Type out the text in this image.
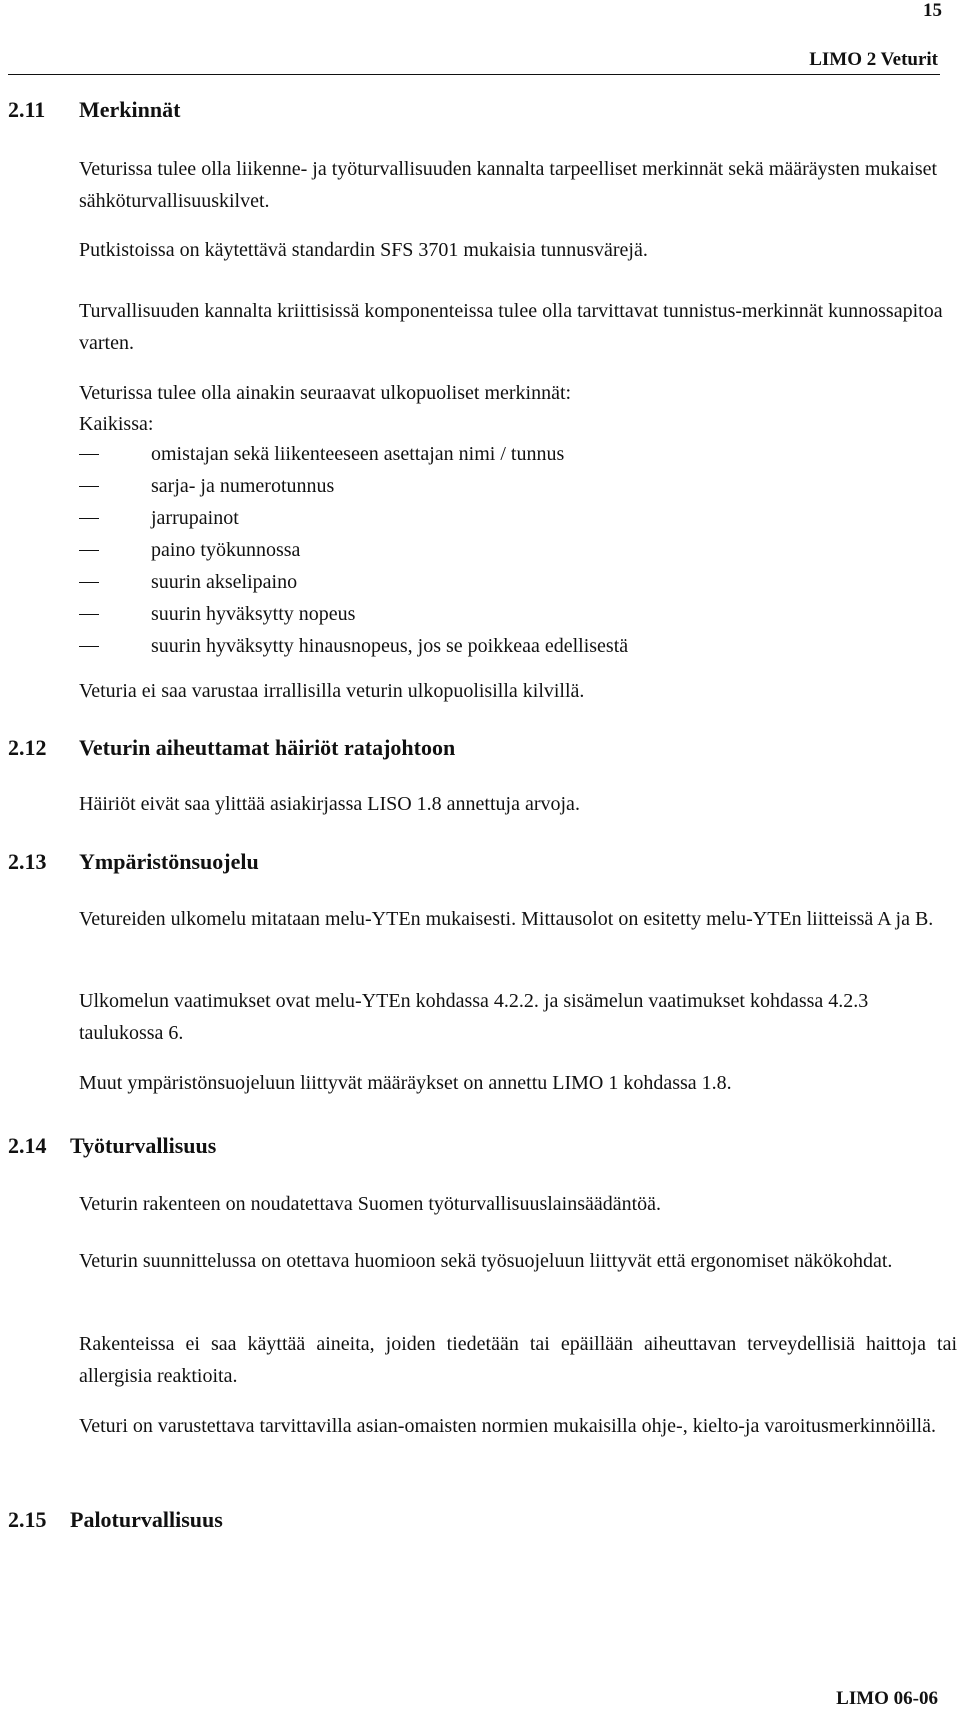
15
LIMO 2 Veturit
2.11 Merkinnät
Veturissa tulee olla liikenne- ja työturvallisuuden kannalta tarpeelliset merkinnät sekä määräysten mukaiset sähköturvallisuuskilvet.
Putkistoissa on käytettävä standardin SFS 3701 mukaisia tunnusvärejä.
Turvallisuuden kannalta kriittisissä komponenteissa tulee olla tarvittavat tunnistus-merkinnät kunnossapitoa varten.
Veturissa tulee olla ainakin seuraavat ulkopuoliset merkinnät:
Kaikissa:
omistajan sekä liikenteeseen asettajan nimi / tunnus
sarja- ja numerotunnus
jarrupainot
paino työkunnossa
suurin akselipaino
suurin hyväksytty nopeus
suurin hyväksytty hinausnopeus, jos se poikkeaa edellisestä
Veturia ei saa varustaa irrallisilla veturin ulkopuolisilla kilvillä.
2.12 Veturin aiheuttamat häiriöt ratajohtoon
Häiriöt eivät saa ylittää asiakirjassa LISO 1.8 annettuja arvoja.
2.13 Ympäristönsuojelu
Vetureiden ulkomelu mitataan melu-YTEn mukaisesti. Mittausolot on esitetty melu-YTEn liitteissä A ja B.
Ulkomelun vaatimukset ovat melu-YTEn kohdassa 4.2.2. ja sisämelun vaatimukset kohdassa 4.2.3 taulukossa 6.
Muut ympäristönsuojeluun liittyvät määräykset on annettu LIMO 1 kohdassa 1.8.
2.14 Työturvallisuus
Veturin rakenteen on noudatettava Suomen työturvallisuuslainsäädäntöä.
Veturin suunnittelussa on otettava huomioon sekä työsuojeluun liittyvät että ergonomiset näkökohdat.
Rakenteissa ei saa käyttää aineita, joiden tiedetään tai epäillään aiheuttavan terveydellisiä haittoja tai allergisia reaktioita.
Veturi on varustettava tarvittavilla asian-omaisten normien mukaisilla ohje-, kielto-ja varoitusmerkinnöillä.
2.15 Paloturvallisuus
LIMO 06-06
